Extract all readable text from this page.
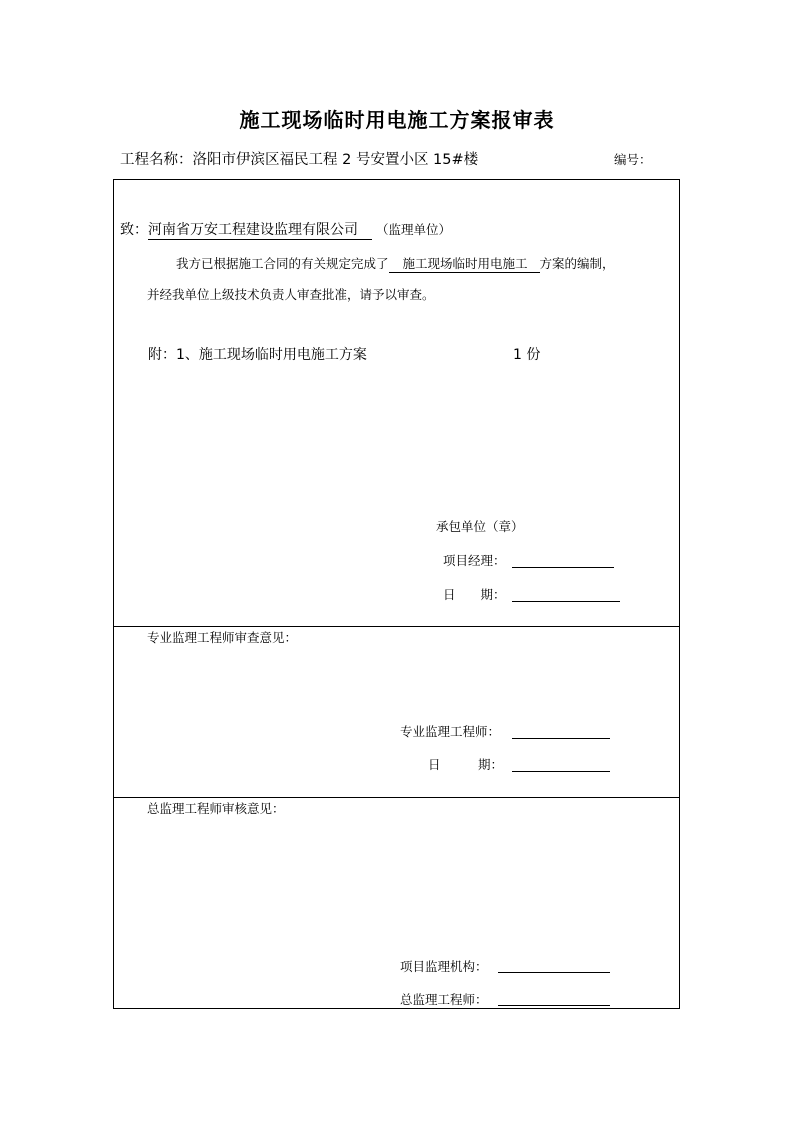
施工现场临时用电施工方案报审表
工程名称：洛阳市伊滨区福民工程 2 号安置小区 15#楼	编号：
致：河南省万安工程建设监理有限公司 （监理单位）
我方已根据施工合同的有关规定完成了 施工现场临时用电施工 方案的编制，
并经我单位上级技术负责人审查批准，请予以审查。
附：1、施工现场临时用电施工方案	1 份
承包单位（章）
项目经理：
日　　期：
专业监理工程师审查意见：
专业监理工程师：
日　　　期：
总监理工程师审核意见：
项目监理机构：
总监理工程师：
